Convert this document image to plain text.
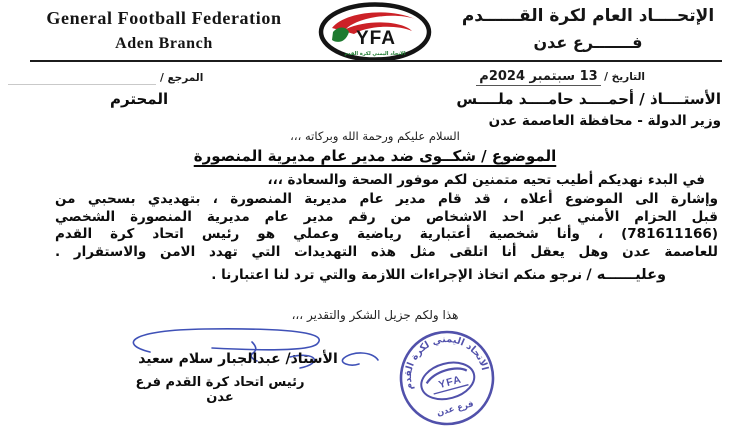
General Football Federation
Aden Branch	YFA
الاتحاد اليمني لكرة القدم
الإتحــــاد العام لكرة القــــــدم
فـــــــرع عدن
التاريخ / 13 سبتمبر 2024م
المرجع /
الأستــــاذ / أحمــــد حامــــد ملــــس
المحترم
وزير الدولة - محافظة العاصمة عدن
السلام عليكم ورحمة الله وبركاته ،،،
الموضوع / شكــوى ضد مدير عام مديرية المنصورة
في البدء نهديكم أطيب تحيه متمنين لكم موفور الصحة والسعادة ،،،
وإشارة الى الموضوع أعلاه ، قد قام مدير عام مديرية المنصورة ، بتهديدي بسحبي من
قبل الحزام الأمني عبر احد الاشخاص من رقم مدير عام مديرية المنصورة الشخصي
(781611166) ، وأنا شخصية أعتبارية رياضية وعملي هو رئيس اتحاد كرة القدم
للعاصمة عدن وهل يعقل أنا اتلقى مثل هذه التهديدات التي تهدد الامن والاستقرار .
وعليــــــه / نرجو منكم اتخاذ الإجراءات اللازمة والتي ترد لنا اعتبارنا .
هذا ولكم جزيل الشكر والتقدير ،،،
الأستاذ/ عبدالجبار سلام سعيد
رئيس اتحاد كرة القدم فرع عدن
الاتحاد اليمني لكرة القدم
YFA
فرع عدن
